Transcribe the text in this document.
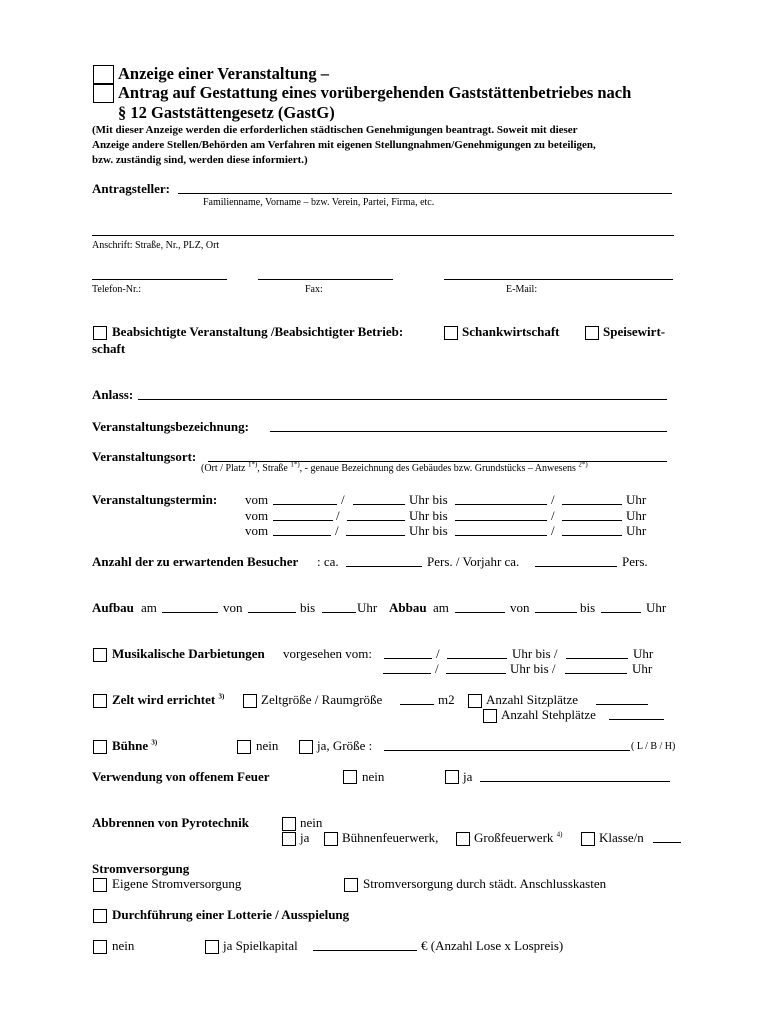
Anzeige einer Veranstaltung –
Antrag auf Gestattung eines vorübergehenden Gaststättenbetriebes nach
§ 12 Gaststättengesetz (GastG)
(Mit dieser Anzeige werden die erforderlichen städtischen Genehmigungen beantragt. Soweit mit dieser
Anzeige andere Stellen/Behörden am Verfahren mit eigenen Stellungnahmen/Genehmigungen zu beteiligen,
bzw. zuständig sind, werden diese informiert.)
Antragsteller:
Familienname, Vorname – bzw. Verein, Partei, Firma, etc.
Anschrift: Straße, Nr., PLZ, Ort
Telefon-Nr.:	Fax:	E-Mail:
Beabsichtigte Veranstaltung /Beabsichtigter Betrieb:	Schankwirtschaft	Speisewirt-
schaft
Anlass:
Veranstaltungsbezeichnung:
Veranstaltungsort:
(Ort / Platz $^{1*)}$, Straße $^{1*)}$, - genaue Bezeichnung des Gebäudes bzw. Grundstücks – Anwesens $^{2*)}$
Veranstaltungstermin: vom	/	Uhr bis	/	Uhr
vom	/	Uhr bis	/	Uhr
vom	/	Uhr bis	/	Uhr
Anzahl der zu erwartenden Besucher : ca.	Pers. / Vorjahr ca.	Pers.
Aufbau am	von	bis	Uhr Abbau am	von	bis	Uhr
Musikalische Darbietungen vorgesehen vom:	/	Uhr bis /	Uhr
/	Uhr bis /	Uhr
Zelt wird errichtet $^{3)}$	Zeltgröße / Raumgröße	m2 Anzahl Sitzplätze
Anzahl Stehplätze
Bühne $^{3)}$	nein	ja, Größe :	( L / B / H)
Verwendung von offenem Feuer	nein	ja
Abbrennen von Pyrotechnik	nein
ja	Bühnenfeuerwerk,	Großfeuerwerk $^{4)}$	Klasse/n
Stromversorgung
Eigene Stromversorgung	Stromversorgung durch städt. Anschlusskasten
Durchführung einer Lotterie / Ausspielung
nein	ja Spielkapital	€ (Anzahl Lose x Lospreis)
